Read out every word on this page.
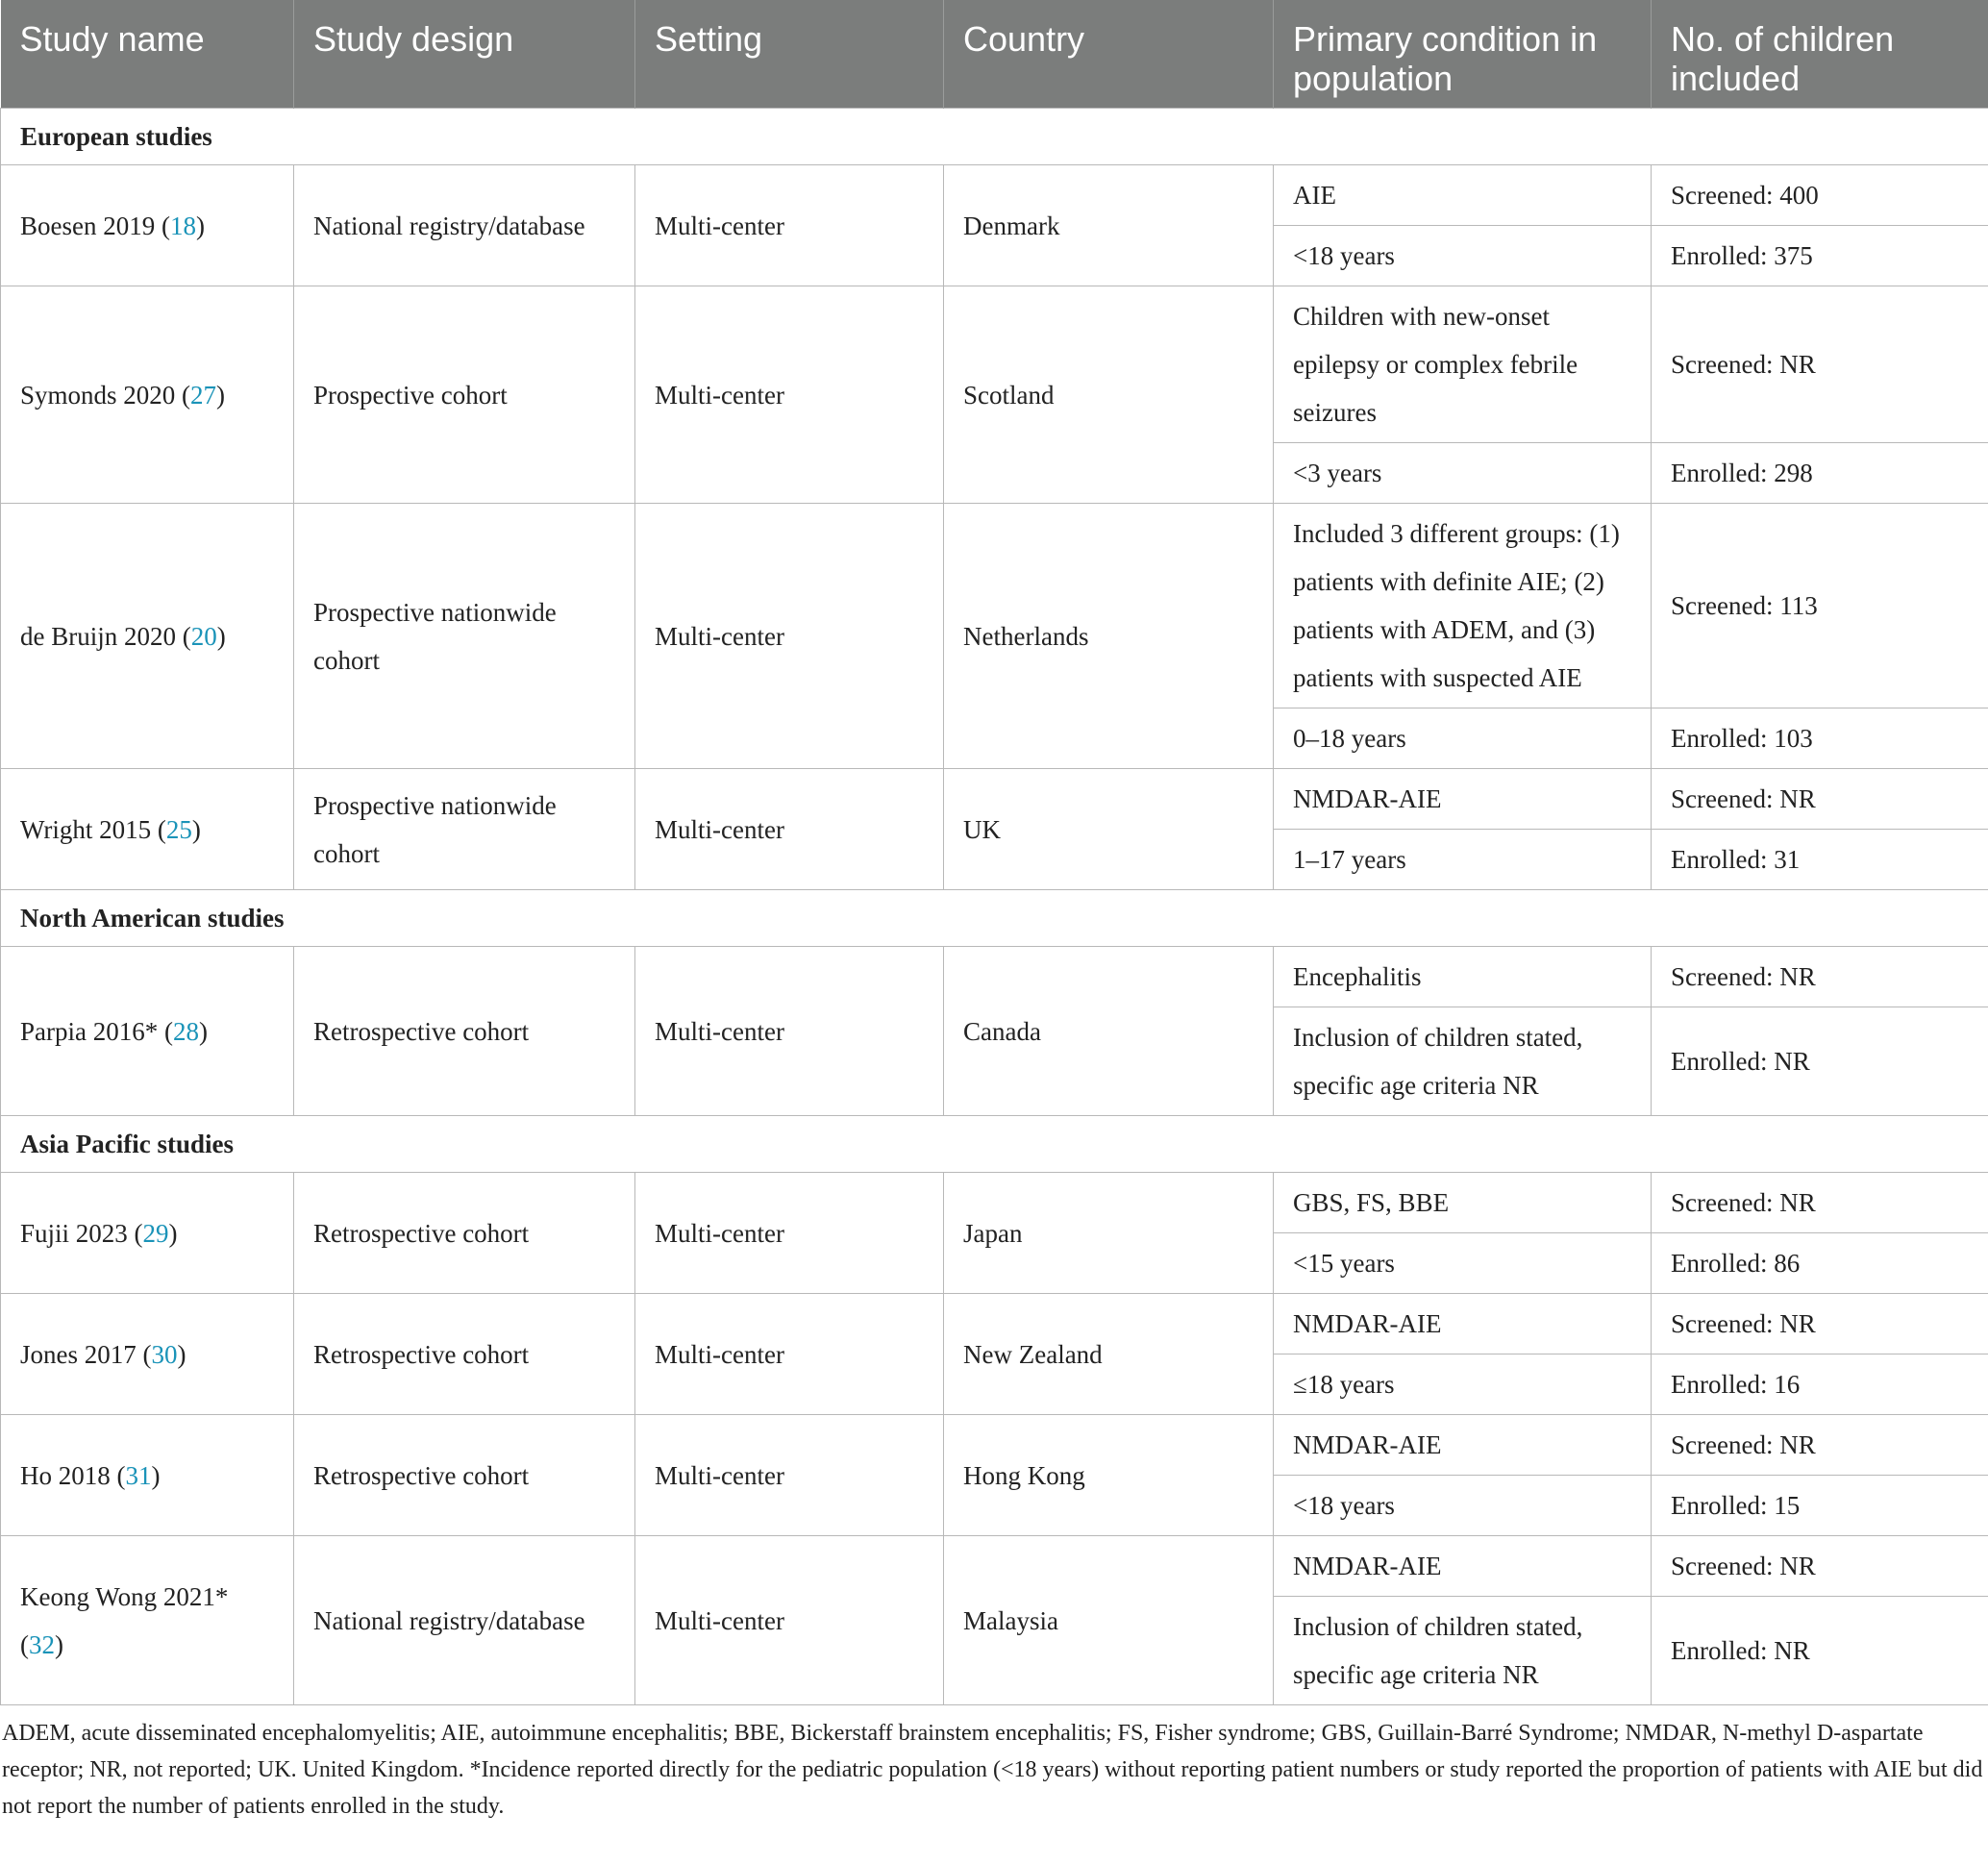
Study name	Study design	Setting	Country	Primary condition in population	No. of children included
European studies					
Boesen 2019 (18)	National registry/database	Multi-center	Denmark	AIE	Screened: 400
				<18 years	Enrolled: 375
Symonds 2020 (27)	Prospective cohort	Multi-center	Scotland	Children with new-onset epilepsy or complex febrile seizures	Screened: NR
				<3 years	Enrolled: 298
de Bruijn 2020 (20)	Prospective nationwide cohort	Multi-center	Netherlands	Included 3 different groups: (1) patients with definite AIE; (2) patients with ADEM, and (3) patients with suspected AIE	Screened: 113
				0–18 years	Enrolled: 103
Wright 2015 (25)	Prospective nationwide cohort	Multi-center	UK	NMDAR-AIE	Screened: NR
				1–17 years	Enrolled: 31
North American studies					
Parpia 2016* (28)	Retrospective cohort	Multi-center	Canada	Encephalitis	Screened: NR
				Inclusion of children stated, specific age criteria NR	Enrolled: NR
Asia Pacific studies					
Fujii 2023 (29)	Retrospective cohort	Multi-center	Japan	GBS, FS, BBE	Screened: NR
				<15 years	Enrolled: 86
Jones 2017 (30)	Retrospective cohort	Multi-center	New Zealand	NMDAR-AIE	Screened: NR
				≤18 years	Enrolled: 16
Ho 2018 (31)	Retrospective cohort	Multi-center	Hong Kong	NMDAR-AIE	Screened: NR
				<18 years	Enrolled: 15
Keong Wong 2021* (32)	National registry/database	Multi-center	Malaysia	NMDAR-AIE	Screened: NR
				Inclusion of children stated, specific age criteria NR	Enrolled: NR
ADEM, acute disseminated encephalomyelitis; AIE, autoimmune encephalitis; BBE, Bickerstaff brainstem encephalitis; FS, Fisher syndrome; GBS, Guillain-Barré Syndrome; NMDAR, N-methyl D-aspartate receptor; NR, not reported; UK. United Kingdom. *Incidence reported directly for the pediatric population (<18 years) without reporting patient numbers or study reported the proportion of patients with AIE but did not report the number of patients enrolled in the study.
